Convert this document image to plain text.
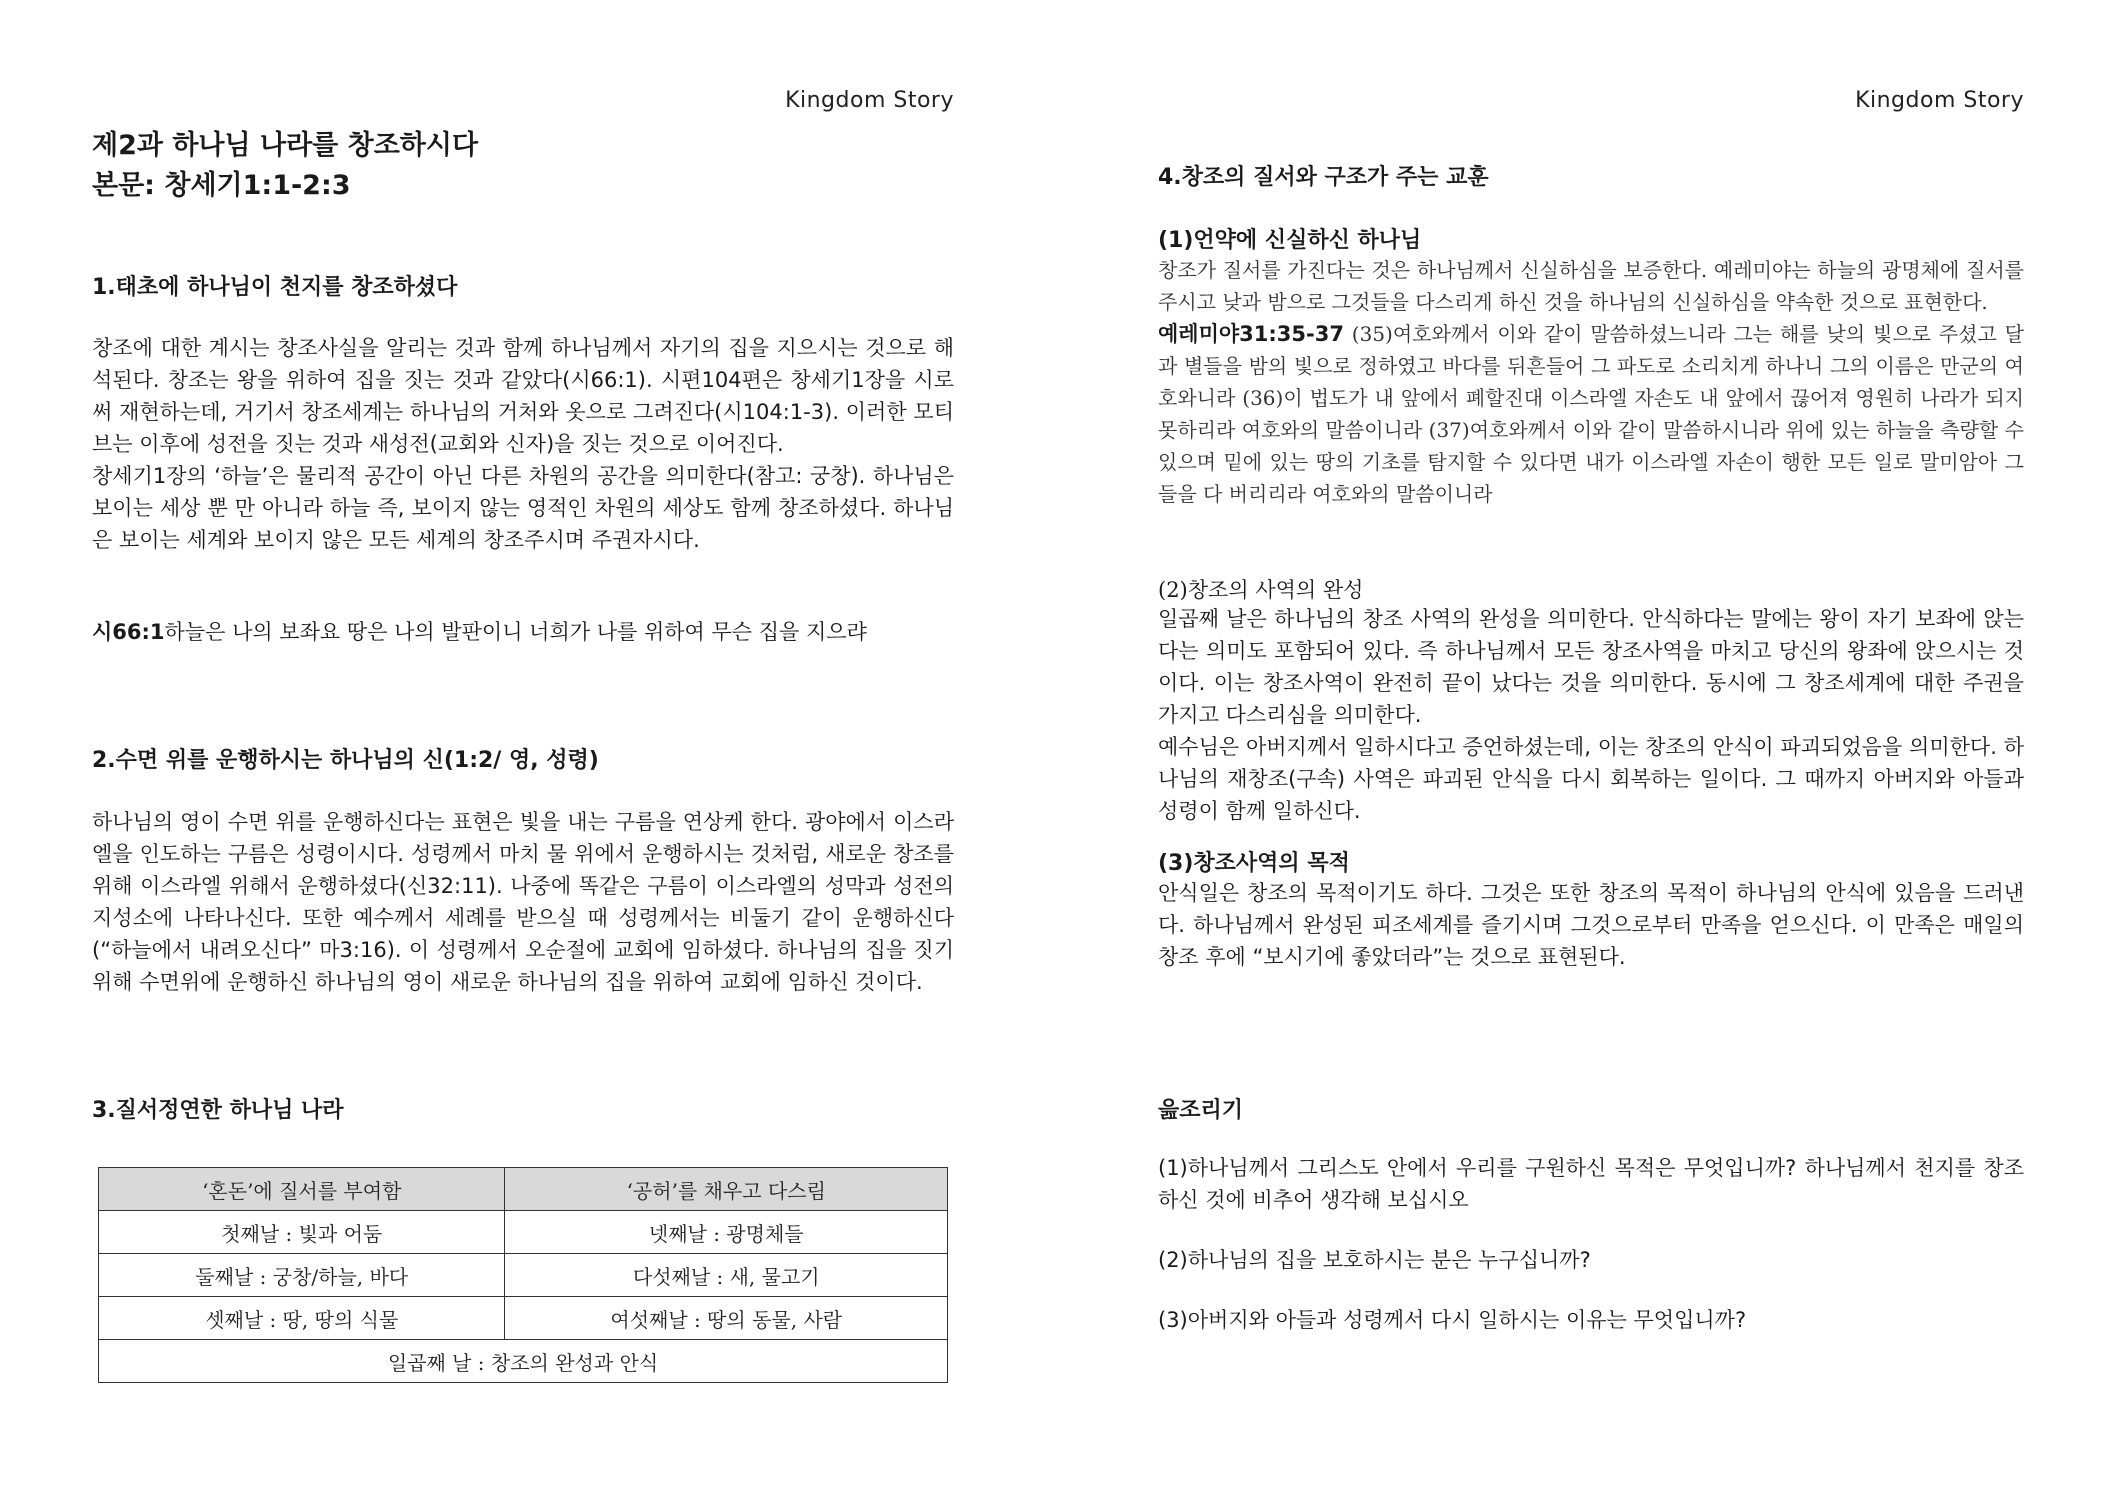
Kingdom Story
제2과 하나님 나라를 창조하시다
본문: 창세기1:1-2:3
1.태초에 하나님이 천지를 창조하셨다

창조에 대한 계시는 창조사실을 알리는 것과 함께 하나님께서 자기의 집을 지으시는 것으로 해석된다. 창조는 왕을 위하여 집을 짓는 것과 같았다(시66:1). 시편104편은 창세기1장을 시로써 재현하는데, 거기서 창조세계는 하나님의 거처와 옷으로 그려진다(시104:1-3). 이러한 모티브는 이후에 성전을 짓는 것과 새성전(교회와 신자)을 짓는 것으로 이어진다.

창세기1장의 ‘하늘’은 물리적 공간이 아닌 다른 차원의 공간을 의미한다(참고: 궁창). 하나님은 보이는 세상 뿐 만 아니라 하늘 즉, 보이지 않는 영적인 차원의 세상도 함께 창조하셨다. 하나님은 보이는 세계와 보이지 않은 모든 세계의 창조주시며 주권자시다.

시66:1하늘은 나의 보좌요 땅은 나의 발판이니 너희가 나를 위하여 무슨 집을 지으랴

2.수면 위를 운행하시는 하나님의 신(1:2/ 영, 성령)

하나님의 영이 수면 위를 운행하신다는 표현은 빛을 내는 구름을 연상케 한다. 광야에서 이스라엘을 인도하는 구름은 성령이시다. 성령께서 마치 물 위에서 운행하시는 것처럼, 새로운 창조를 위해 이스라엘 위해서 운행하셨다(신32:11). 나중에 똑같은 구름이 이스라엘의 성막과 성전의 지성소에 나타나신다. 또한 예수께서 세례를 받으실 때 성령께서는 비둘기 같이 운행하신다(“하늘에서 내려오신다” 마3:16). 이 성령께서 오순절에 교회에 임하셨다. 하나님의 집을 짓기 위해 수면위에 운행하신 하나님의 영이 새로운 하나님의 집을 위하여 교회에 임하신 것이다.

3.질서정연한 하나님 나라
‘혼돈’에 질서를 부여함	‘공허’를 채우고 다스림
첫째날 : 빛과 어둠	넷째날 : 광명체들
둘째날 : 궁창/하늘, 바다	다섯째날 : 새, 물고기
셋째날 : 땅, 땅의 식물	여섯째날 : 땅의 동물, 사람
일곱째 날 : 창조의 완성과 안식	
Kingdom Story
4.창조의 질서와 구조가 주는 교훈
(1)언약에 신실하신 하나님

창조가 질서를 가진다는 것은 하나님께서 신실하심을 보증한다. 예레미야는 하늘의 광명체에 질서를 주시고 낮과 밤으로 그것들을 다스리게 하신 것을 하나님의 신실하심을 약속한 것으로 표현한다.

예레미야31:35-37 (35)여호와께서 이와 같이 말씀하셨느니라 그는 해를 낮의 빛으로 주셨고 달과 별들을 밤의 빛으로 정하였고 바다를 뒤흔들어 그 파도로 소리치게 하나니 그의 이름은 만군의 여호와니라 (36)이 법도가 내 앞에서 폐할진대 이스라엘 자손도 내 앞에서 끊어져 영원히 나라가 되지 못하리라 여호와의 말씀이니라 (37)여호와께서 이와 같이 말씀하시니라 위에 있는 하늘을 측량할 수 있으며 밑에 있는 땅의 기초를 탐지할 수 있다면 내가 이스라엘 자손이 행한 모든 일로 말미암아 그들을 다 버리리라 여호와의 말씀이니라

(2)창조의 사역의 완성

일곱째 날은 하나님의 창조 사역의 완성을 의미한다. 안식하다는 말에는 왕이 자기 보좌에 앉는다는 의미도 포함되어 있다. 즉 하나님께서 모든 창조사역을 마치고 당신의 왕좌에 앉으시는 것이다. 이는 창조사역이 완전히 끝이 났다는 것을 의미한다. 동시에 그 창조세계에 대한 주권을 가지고 다스리심을 의미한다.

예수님은 아버지께서 일하시다고 증언하셨는데, 이는 창조의 안식이 파괴되었음을 의미한다. 하나님의 재창조(구속) 사역은 파괴된 안식을 다시 회복하는 일이다. 그 때까지 아버지와 아들과 성령이 함께 일하신다.

(3)창조사역의 목적

안식일은 창조의 목적이기도 하다. 그것은 또한 창조의 목적이 하나님의 안식에 있음을 드러낸다. 하나님께서 완성된 피조세계를 즐기시며 그것으로부터 만족을 얻으신다. 이 만족은 매일의 창조 후에 “보시기에 좋았더라”는 것으로 표현된다.

읊조리기

(1)하나님께서 그리스도 안에서 우리를 구원하신 목적은 무엇입니까? 하나님께서 천지를 창조하신 것에 비추어 생각해 보십시오

(2)하나님의 집을 보호하시는 분은 누구십니까?

(3)아버지와 아들과 성령께서 다시 일하시는 이유는 무엇입니까?
